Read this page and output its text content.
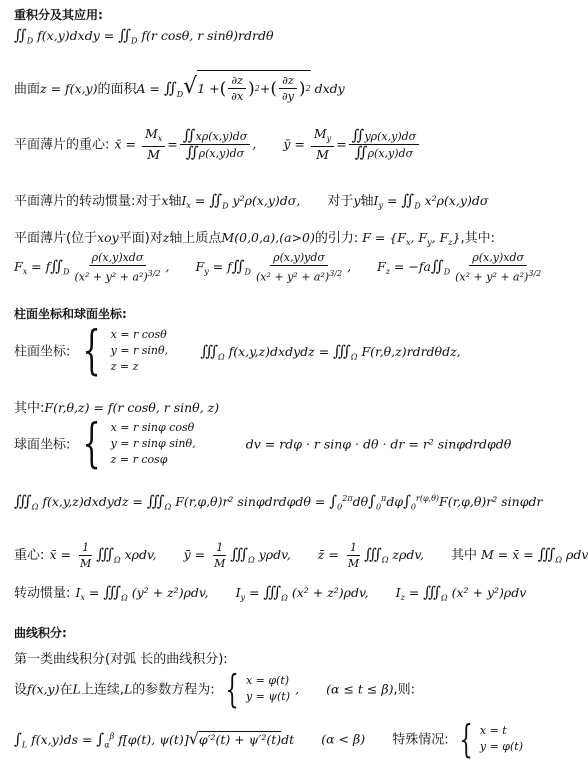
重积分及其应用:
$∬_D$ f(x,y)dxdy = $∬_D$ f(r cosθ, r sinθ)rdrdθ
曲面z = f(x,y)的面积$A = ∬_D√1$ + ( $\frac{\partial z}{\partial x}$ ) 2 + ( $\frac{\partial z}{\partial y}$ ) 2 dxdy
平面薄片的重心: x̄ = $\frac{M_x}{M} = \frac{∬x\rho(x,y)d\sigma}{∬\rho(x,y)d\sigma}$ , ȳ = $\frac{M_y}{M} = \frac{∬y\rho(x,y)d\sigma}{∬\rho(x,y)d\sigma}$
平面薄片的转动惯量:对于x轴$I_x$ = $∬_D$ y²ρ(x,y)dσ, 对于y轴$I_y$ = $∬_D$ x²ρ(x,y)dσ
平面薄片(位于xoy平面)对z轴上质点M(0,0,a),(a>0)的引力: $F = \{F_x$, $F_y$, $F_z$},其中:
$F_x$ = $f∬_D \frac{\text{ρ(x,y)xdσ}}{(x^2 + y^2 + a^2)^{3/2}}$ , $F_y$ = $f∬_D \frac{\text{ρ(x,y)ydσ}}{(x^2 + y^2 + a^2)^{3/2}}$ , $F_z$ = $-fa∬_D \frac{\text{ρ(x,y)xdσ}}{(x^2 + y^2 + a^2)^{3/2}}$
柱面坐标和球面坐标:
柱面坐标: { x = r cosθ
y = r sinθ,
z = z
$∭_\Omega$ f(x,y,z)dxdydz = $∭_\Omega$ F(r,θ,z)rdrdθdz,
其中:F(r,θ,z) = f(r cosθ, r sinθ, z)
球面坐标: { x = r sinφ cosθ
y = r sinφ sinθ,
z = r cosφ
dv = rdφ · r sinφ · dθ · dr = r² sinφdrdφdθ
$∭_\Omega$ f(x,y,z)dxdydz = $∭_\Omega$ F(r,φ,θ)r² $\sin\varphi drd\varphi d\theta = \int_0^{2\pi}d\theta\int_0^\pi d\varphi\int_0^{r(\varphi,\theta)}F(r,\varphi,\theta)r^2$ sinφdr
重心: x̄ = $\frac{1}{M}$ $∭_\Omega$ xρdv, ȳ = $\frac{1}{M}$ $∭_\Omega$ yρdv, z̄ = $\frac{1}{M}$ $∭_\Omega$ zρdv, 其中 M = x̄ = $∭_\Omega$ ρdv
转动惯量: $I_x$ = $∭_\Omega$ (y² + z²)ρdv, $I_y$ = $∭_\Omega$ (x² + z²)ρdv, $I_z$ = $∭_\Omega$ (x² + y²)ρdv
曲线积分:
第一类曲线积分(对弧 长的曲线积分):
设f(x,y)在L上连续,L的参数方程为: { x = φ(t)
y = ψ(t) , (α ≤ t ≤ β),则:
$\int_L$ $f(x,y)ds = \int_\alpha^\beta$ f[φ(t), ψ(t)]√φ′²(t) + ψ′²(t)dt (α < β) 特殊情况: { x = t
y = φ(t)
